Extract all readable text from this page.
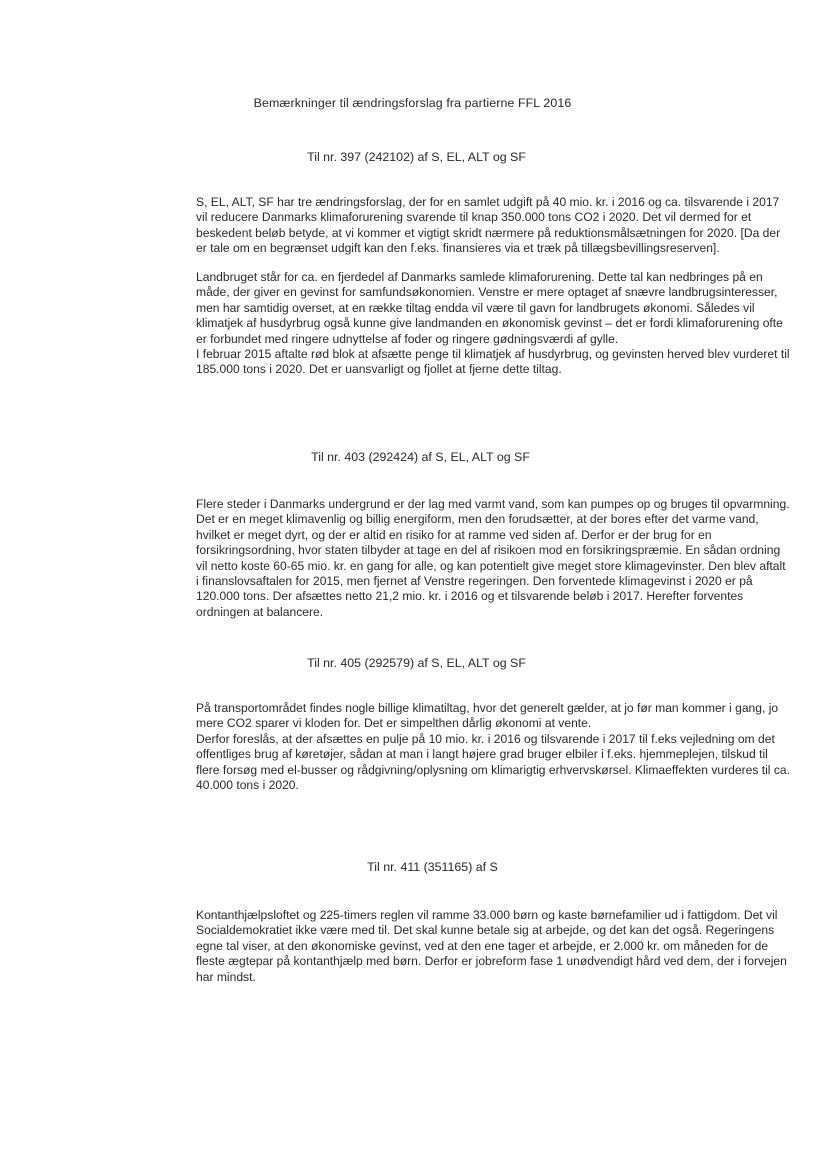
Bemærkninger til ændringsforslag fra partierne FFL 2016
Til nr. 397 (242102) af S, EL, ALT og SF

S, EL, ALT, SF har tre ændringsforslag, der for en samlet udgift på 40 mio. kr. i 2016 og ca. tilsvarende i 2017
vil reducere Danmarks klimaforurening svarende til knap 350.000 tons CO2 i 2020. Det vil dermed for et
beskedent beløb betyde, at vi kommer et vigtigt skridt nærmere på reduktionsmålsætningen for 2020. [Da der
er tale om en begrænset udgift kan den f.eks. finansieres via et træk på tillægsbevillingsreserven].

Landbruget står for ca. en fjerdedel af Danmarks samlede klimaforurening. Dette tal kan nedbringes på en
måde, der giver en gevinst for samfundsøkonomien. Venstre er mere optaget af snævre landbrugsinteresser,
men har samtidig overset, at en række tiltag endda vil være til gavn for landbrugets økonomi. Således vil
klimatjek af husdyrbrug også kunne give landmanden en økonomisk gevinst – det er fordi klimaforurening ofte
er forbundet med ringere udnyttelse af foder og ringere gødningsværdi af gylle.
I februar 2015 aftalte rød blok at afsætte penge til klimatjek af husdyrbrug, og gevinsten herved blev vurderet til
185.000 tons i 2020. Det er uansvarligt og fjollet at fjerne dette tiltag.

Til nr. 403 (292424) af S, EL, ALT og SF

Flere steder i Danmarks undergrund er der lag med varmt vand, som kan pumpes op og bruges til opvarmning.
Det er en meget klimavenlig og billig energiform, men den forudsætter, at der bores efter det varme vand,
hvilket er meget dyrt, og der er altid en risiko for at ramme ved siden af. Derfor er der brug for en
forsikringsordning, hvor staten tilbyder at tage en del af risikoen mod en forsikringspræmie. En sådan ordning
vil netto koste 60-65 mio. kr. en gang for alle, og kan potentielt give meget store klimagevinster. Den blev aftalt
i finanslovsaftalen for 2015, men fjernet af Venstre regeringen. Den forventede klimagevinst i 2020 er på
120.000 tons. Der afsættes netto 21,2 mio. kr. i 2016 og et tilsvarende beløb i 2017. Herefter forventes
ordningen at balancere.

Til nr. 405 (292579) af S, EL, ALT og SF

På transportområdet findes nogle billige klimatiltag, hvor det generelt gælder, at jo før man kommer i gang, jo
mere CO2 sparer vi kloden for. Det er simpelthen dårlig økonomi at vente.
Derfor foreslås, at der afsættes en pulje på 10 mio. kr. i 2016 og tilsvarende i 2017 til f.eks vejledning om det
offentliges brug af køretøjer, sådan at man i langt højere grad bruger elbiler i f.eks. hjemmeplejen, tilskud til
flere forsøg med el-busser og rådgivning/oplysning om klimarigtig erhvervskørsel. Klimaeffekten vurderes til ca.
40.000 tons i 2020.

Til nr. 411 (351165) af S

Kontanthjælpsloftet og 225-timers reglen vil ramme 33.000 børn og kaste børnefamilier ud i fattigdom. Det vil
Socialdemokratiet ikke være med til. Det skal kunne betale sig at arbejde, og det kan det også. Regeringens
egne tal viser, at den økonomiske gevinst, ved at den ene tager et arbejde, er 2.000 kr. om måneden for de
fleste ægtepar på kontanthjælp med børn. Derfor er jobreform fase 1 unødvendigt hård ved dem, der i forvejen
har mindst.
